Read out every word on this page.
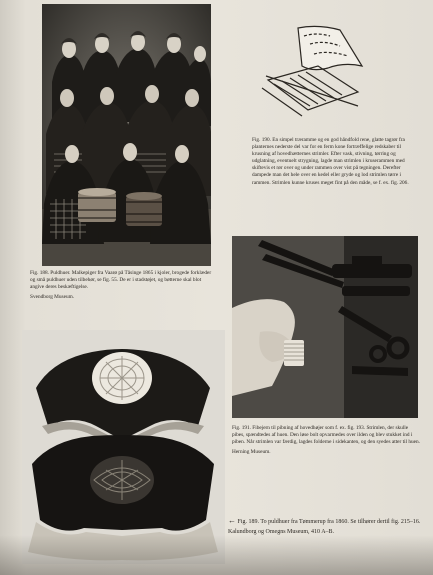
Fig. 188. Puldhuer. Malkepiger fra Vaarø på Tåsinge 1865 i kjoler, brogede forklæder og små puldhuer uden tilbehør, se fig. 55. De er i stadstøjet, og bøtterne skal blot angive deres beskæftigelse.

Svendborg Museum.

Fig. 190. En simpel træramme og en god håndfold rene, glatte tagrør fra planternes nederste del var for en ferm kone fortræffelige redskaber til krusning af hovedhætternes strimler. Efter vask, stivning, tørring og udglatning, eventuelt strygning, lagde man strimlen i kruserammen med skiftevis et rør over og under rammen over vist på tegningen. Derefter dampede man det hele over en kedel eller gryde og lod strimlen tørre i rammen. Strimlen kunne kruses meget fint på den måde, se f. ex. fig. 206.

Fig. 191. Fibejern til pibning af hovedhøjer som f. ex. fig. 193. Strimlen, der skulle pibes, spændtedes af huen. Den løse bolt opvarmedes over ilden og blev stukket ind i piben. Når strimlen var færdig, lagdes folderne i sidekanten, og den syedes atter til huen.

Herning Museum.

← Fig. 189. To puldhuer fra Tømmerup fra 1860. Se tilhører dertil fig. 215–16.

Kalundborg og Omegns Museum, 410 A–B.
